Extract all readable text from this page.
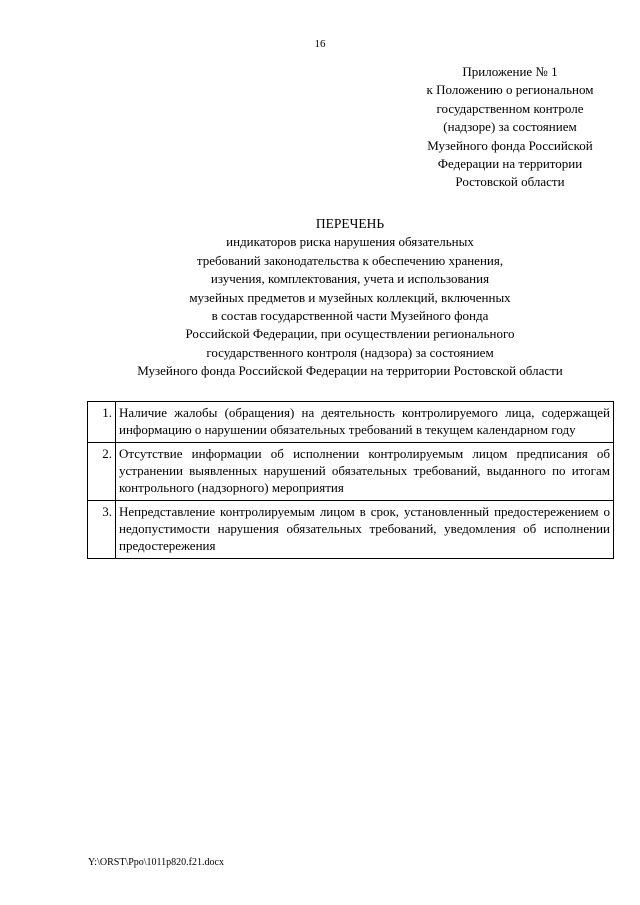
16
Приложение № 1
к Положению о региональном
государственном контроле
(надзоре) за состоянием
Музейного фонда Российской
Федерации на территории
Ростовской области
ПЕРЕЧЕНЬ
индикаторов риска нарушения обязательных
требований законодательства к обеспечению хранения,
изучения, комплектования, учета и использования
музейных предметов и музейных коллекций, включенных
в состав государственной части Музейного фонда
Российской Федерации, при осуществлении регионального
государственного контроля (надзора) за состоянием
Музейного фонда Российской Федерации на территории Ростовской области
1.	Наличие жалобы (обращения) на деятельность контролируемого лица, содержащей информацию о нарушении обязательных требований в текущем календарном году
2.	Отсутствие информации об исполнении контролируемым лицом предписания об устранении выявленных нарушений обязательных требований, выданного по итогам контрольного (надзорного) мероприятия
3.	Непредставление контролируемым лицом в срок, установленный предостережением о недопустимости нарушения обязательных требований, уведомления об исполнении предостережения
Y:\ORST\Ppo\1011p820.f21.docx
